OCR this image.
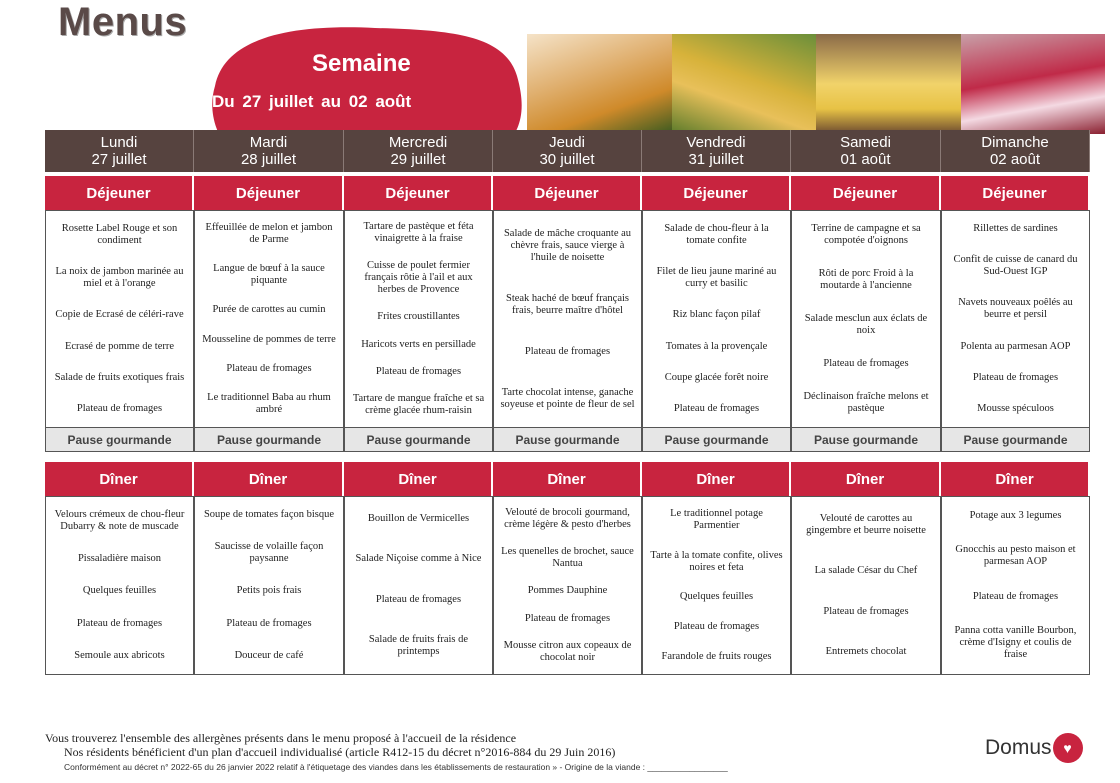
Menus
Semaine
Du 27 juillet au 02 août
Lundi
27 juillet
Déjeuner
Rosette Label Rouge et son condiment
La noix de jambon marinée au miel et à l'orange
Copie de Ecrasé de céléri-rave
Ecrasé de pomme de terre
Salade de fruits exotiques frais
Plateau de fromages
Pause gourmande
Dîner
Velours crémeux de chou-fleur Dubarry & note de muscade
Pissaladière maison
Quelques feuilles
Plateau de fromages
Semoule aux abricots
Mardi
28 juillet
Déjeuner
Effeuillée de melon et jambon de Parme
Langue de bœuf à la sauce piquante
Purée de carottes au cumin
Mousseline de pommes de terre
Plateau de fromages
Le traditionnel Baba au rhum ambré
Pause gourmande
Dîner
Soupe de tomates façon bisque
Saucisse de volaille façon paysanne
Petits pois frais
Plateau de fromages
Douceur de café
Mercredi
29 juillet
Déjeuner
Tartare de pastèque et féta vinaigrette à la fraise
Cuisse de poulet fermier français rôtie à l'ail et aux herbes de Provence
Frites croustillantes
Haricots verts en persillade
Plateau de fromages
Tartare de mangue fraîche et sa crème glacée rhum-raisin
Pause gourmande
Dîner
Bouillon de Vermicelles
Salade Niçoise comme à Nice
Plateau de fromages
Salade de fruits frais de printemps
Jeudi
30 juillet
Déjeuner
Salade de mâche croquante au chèvre frais, sauce vierge à l'huile de noisette
Steak haché de bœuf français frais, beurre maître d'hôtel
Plateau de fromages
Tarte chocolat intense, ganache soyeuse et pointe de fleur de sel
Pause gourmande
Dîner
Velouté de brocoli gourmand, crème légère & pesto d'herbes
Les quenelles de brochet, sauce Nantua
Pommes Dauphine
Plateau de fromages
Mousse citron aux copeaux de chocolat noir
Vendredi
31 juillet
Déjeuner
Salade de chou-fleur à la tomate confite
Filet de lieu jaune mariné au curry et basilic
Riz blanc façon pilaf
Tomates à la provençale
Coupe glacée forêt noire
Plateau de fromages
Pause gourmande
Dîner
Le traditionnel potage Parmentier
Tarte à la tomate confite, olives noires et feta
Quelques feuilles
Plateau de fromages
Farandole de fruits rouges
Samedi
01 août
Déjeuner
Terrine de campagne et sa compotée d'oignons
Rôti de porc Froid à la moutarde à l'ancienne
Salade mesclun aux éclats de noix
Plateau de fromages
Déclinaison fraîche melons et pastèque
Pause gourmande
Dîner
Velouté de carottes au gingembre et beurre noisette
La salade César du Chef
Plateau de fromages
Entremets chocolat
Dimanche
02 août
Déjeuner
Rillettes de sardines
Confit de cuisse de canard du Sud-Ouest IGP
Navets nouveaux poêlés au beurre et persil
Polenta au parmesan AOP
Plateau de fromages
Mousse spéculoos
Pause gourmande
Dîner
Potage aux 3 legumes
Gnocchis au pesto maison et parmesan AOP
Plateau de fromages
Panna cotta vanille Bourbon, crème d'Isigny et coulis de fraise
Vous trouverez l'ensemble des allergènes présents dans le menu proposé à l'accueil de la résidence
Nos résidents bénéficient d'un plan d'accueil individualisé (article R412-15 du décret n°2016-884 du 29 Juin 2016)
Conformément au décret n° 2022-65 du 26 janvier 2022 relatif à l'étiquetage des viandes dans les établissements de restauration » - Origine de la viande : _________________
Domus ♥
